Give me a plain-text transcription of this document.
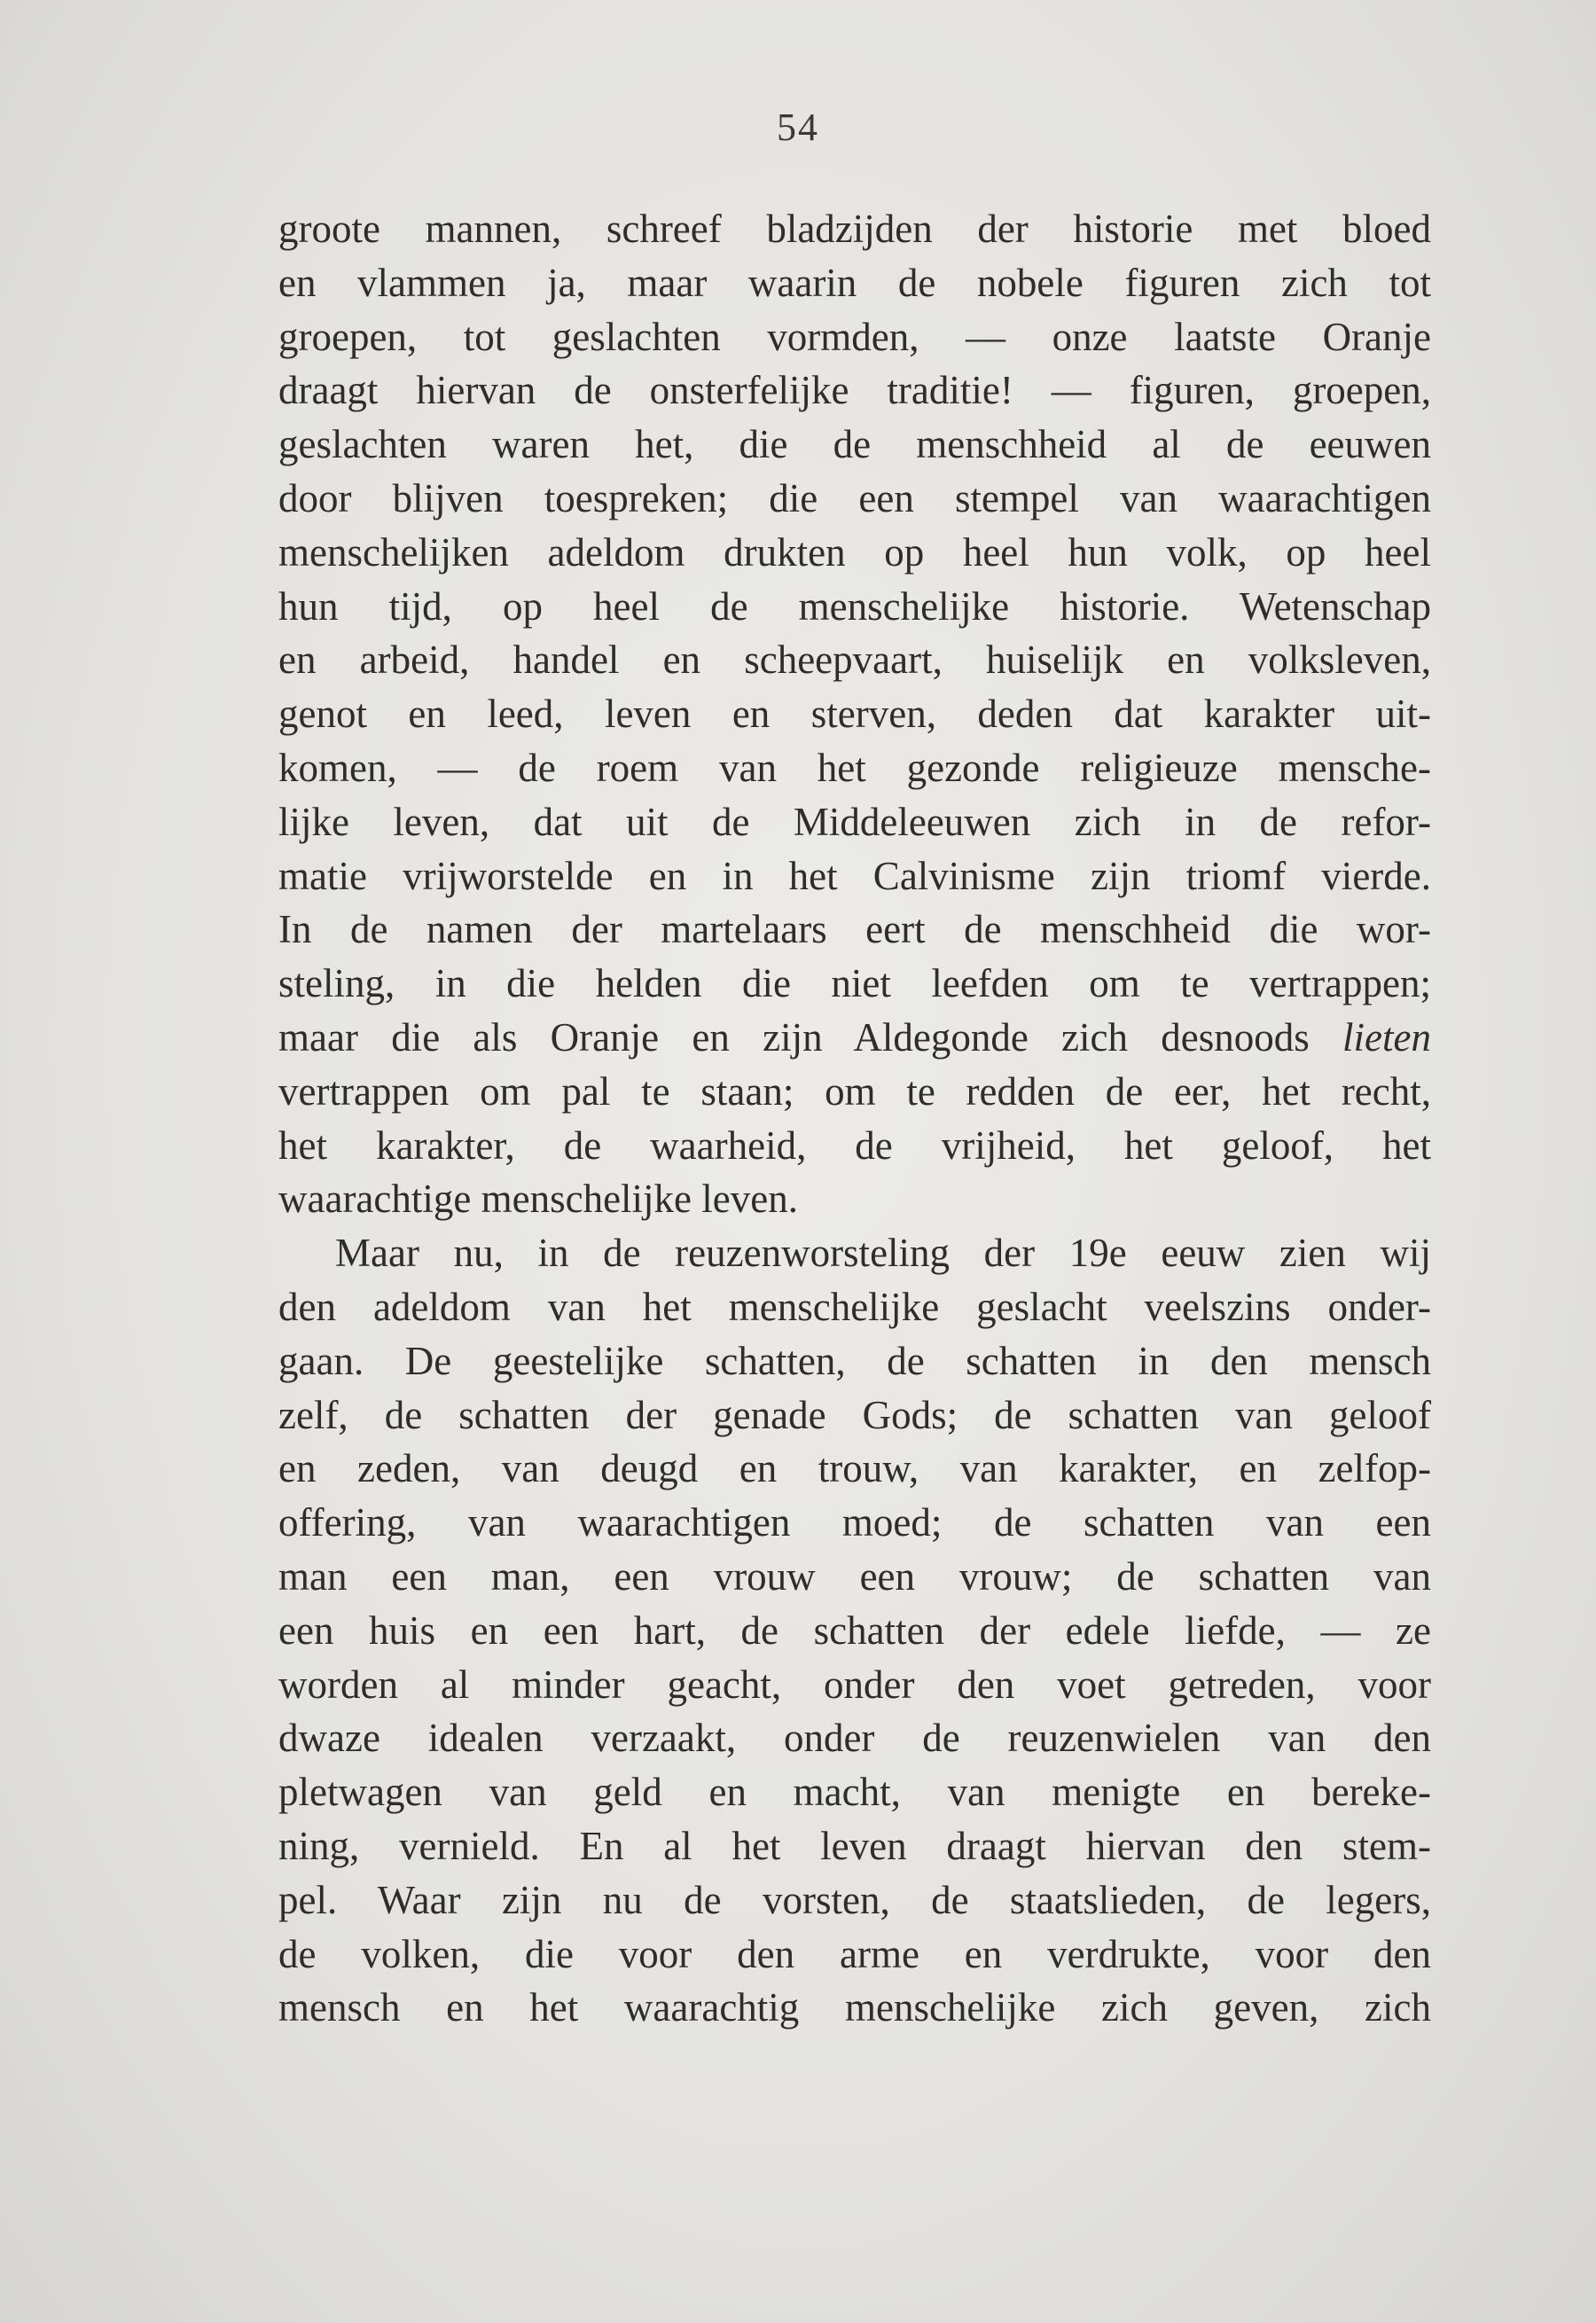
54
groote mannen, schreef bladzijden der historie met bloed
en vlammen ja, maar waarin de nobele figuren zich tot
groepen, tot geslachten vormden, — onze laatste Oranje
draagt hiervan de onsterfelijke traditie! — figuren, groepen,
geslachten waren het, die de menschheid al de eeuwen
door blijven toespreken; die een stempel van waarachtigen
menschelijken adeldom drukten op heel hun volk, op heel
hun tijd, op heel de menschelijke historie. Wetenschap
en arbeid, handel en scheepvaart, huiselijk en volksleven,
genot en leed, leven en sterven, deden dat karakter uit-
komen, — de roem van het gezonde religieuze mensche-
lijke leven, dat uit de Middeleeuwen zich in de refor-
matie vrijworstelde en in het Calvinisme zijn triomf vierde.
In de namen der martelaars eert de menschheid die wor-
steling, in die helden die niet leefden om te vertrappen;
maar die als Oranje en zijn Aldegonde zich desnoods lieten
vertrappen om pal te staan; om te redden de eer, het recht,
het karakter, de waarheid, de vrijheid, het geloof, het
waarachtige menschelijke leven.
Maar nu, in de reuzenworsteling der 19e eeuw zien wij
den adeldom van het menschelijke geslacht veelszins onder-
gaan. De geestelijke schatten, de schatten in den mensch
zelf, de schatten der genade Gods; de schatten van geloof
en zeden, van deugd en trouw, van karakter, en zelfop-
offering, van waarachtigen moed; de schatten van een
man een man, een vrouw een vrouw; de schatten van
een huis en een hart, de schatten der edele liefde, — ze
worden al minder geacht, onder den voet getreden, voor
dwaze idealen verzaakt, onder de reuzenwielen van den
pletwagen van geld en macht, van menigte en bereke-
ning, vernield. En al het leven draagt hiervan den stem-
pel. Waar zijn nu de vorsten, de staatslieden, de legers,
de volken, die voor den arme en verdrukte, voor den
mensch en het waarachtig menschelijke zich geven, zich
